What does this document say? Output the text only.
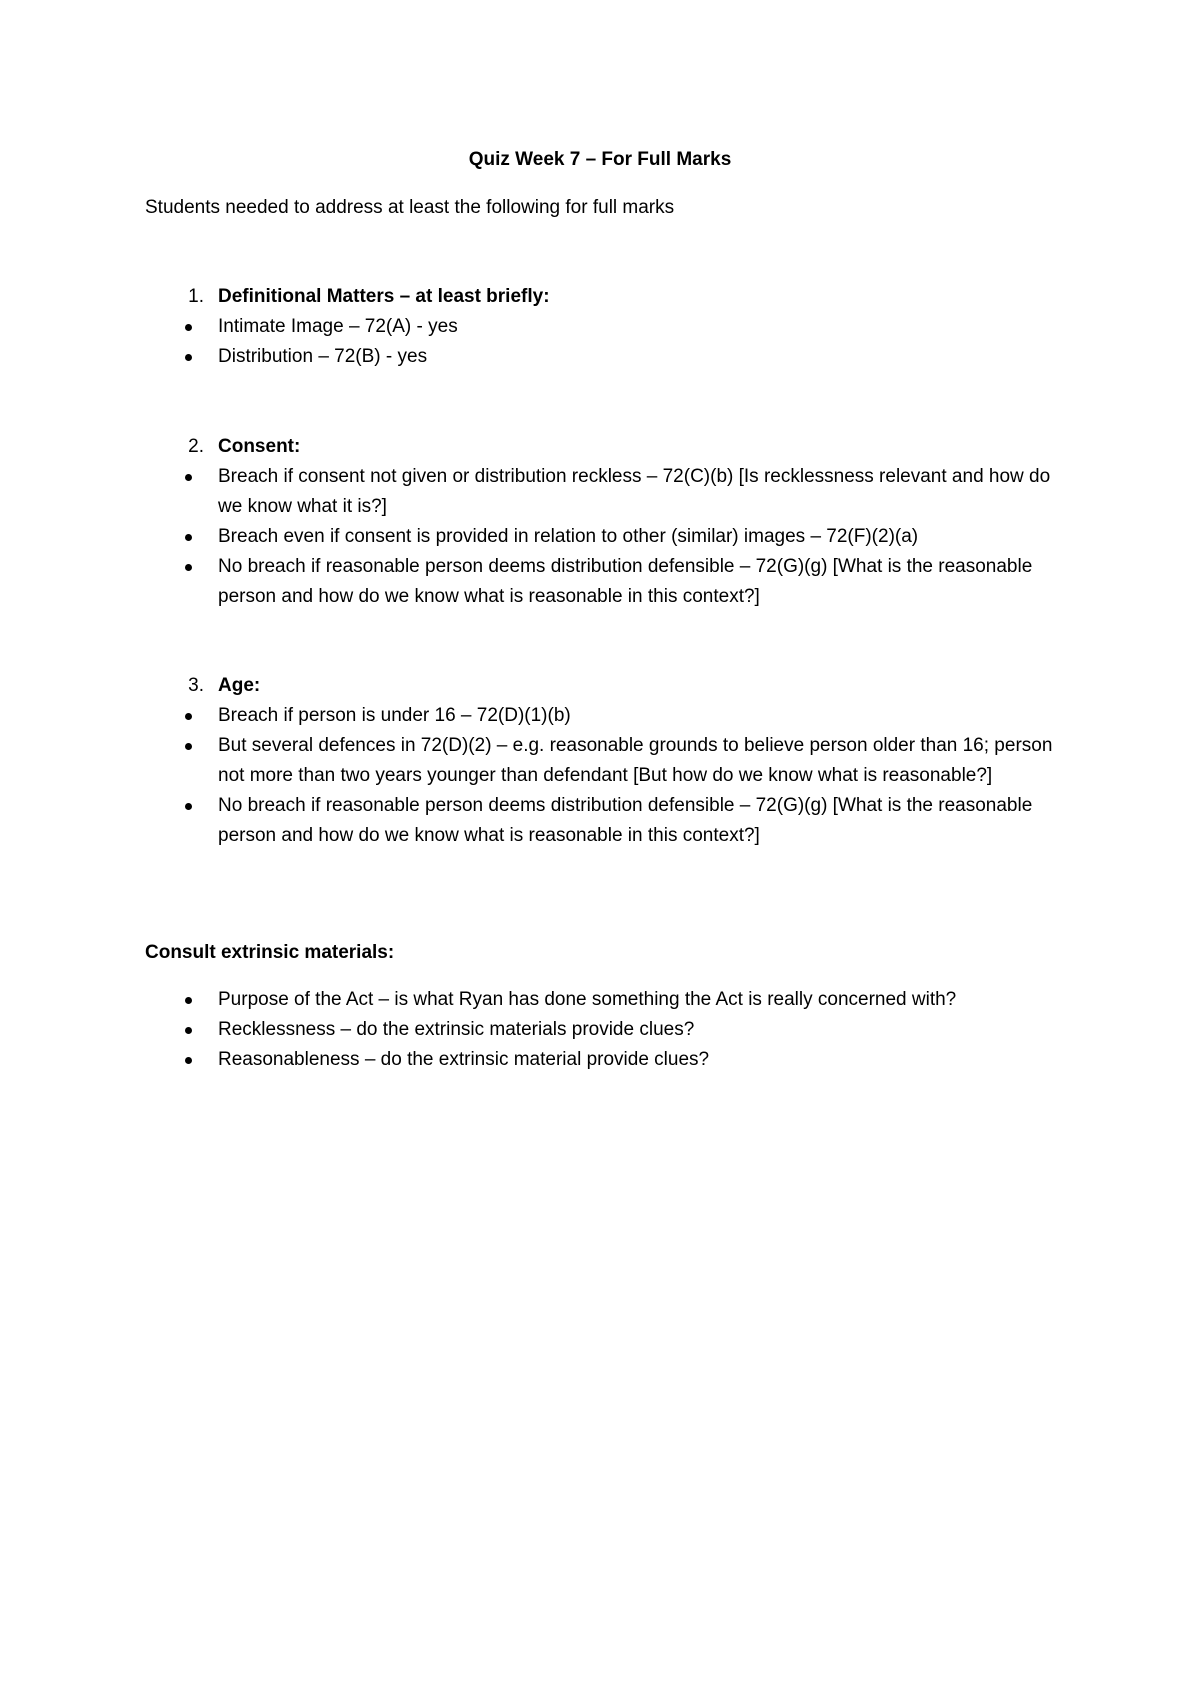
Quiz Week 7 – For Full Marks

Students needed to address at least the following for full marks

1. Definitional Matters – at least briefly:
Intimate Image – 72(A) - yes
Distribution – 72(B) - yes
2. Consent:
Breach if consent not given or distribution reckless – 72(C)(b) [Is recklessness relevant and how do we know what it is?]
Breach even if consent is provided in relation to other (similar) images – 72(F)(2)(a)
No breach if reasonable person deems distribution defensible – 72(G)(g) [What is the reasonable person and how do we know what is reasonable in this context?]
3. Age:
Breach if person is under 16 – 72(D)(1)(b)
But several defences in 72(D)(2) – e.g. reasonable grounds to believe person older than 16; person not more than two years younger than defendant [But how do we know what is reasonable?]
No breach if reasonable person deems distribution defensible – 72(G)(g) [What is the reasonable person and how do we know what is reasonable in this context?]

Consult extrinsic materials:

Purpose of the Act – is what Ryan has done something the Act is really concerned with?
Recklessness – do the extrinsic materials provide clues?
Reasonableness – do the extrinsic material provide clues?
